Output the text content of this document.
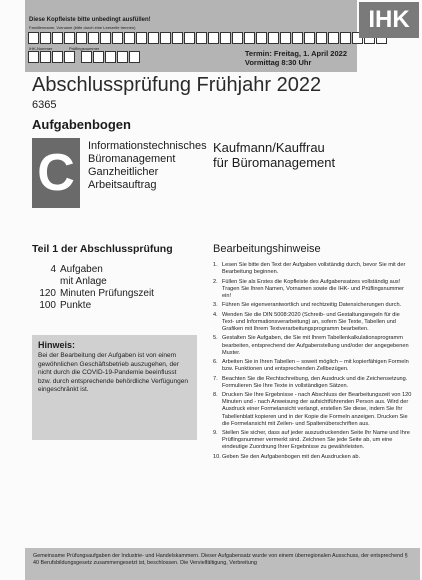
Diese Kopfleiste bitte unbedingt ausfüllen!
Familienname, Vorname (bitte durch eine Leerzeile trennen)
IHK-Nummer	Prüflingsnummer
Termin: Freitag, 1. April 2022
Vormittag 8:30 Uhr
IHK
Abschlussprüfung Frühjahr 2022
6365
Aufgabenbogen
C	Informationstechnisches
Büromanagement
Ganzheitlicher
Arbeitsauftrag
Kaufmann/Kauffrau
für Büromanagement
Teil 1 der Abschlussprüfung
4 Aufgaben
mit Anlage
120 Minuten Prüfungszeit
100 Punkte
Hinweis:
Bei der Bearbeitung der Aufgaben ist von einem gewöhnlichen Geschäftsbetrieb auszugehen, der nicht durch die COVID-19-Pandemie beeinflusst bzw. durch entsprechende behördliche Verfügungen eingeschränkt ist.
Bearbeitungshinweise
1. Lesen Sie bitte den Text der Aufgaben vollständig durch, bevor Sie mit der Bearbeitung beginnen.
2. Füllen Sie als Erstes die Kopfleiste des Aufgabensatzes vollständig aus! Tragen Sie Ihren Namen, Vornamen sowie die IHK- und Prüflingsnummer ein!
3. Führen Sie eigenverantwortlich und rechtzeitig Datensicherungen durch.
4. Wenden Sie die DIN 5008:2020 (Schreib- und Gestaltungsregeln für die Text- und Informationsverarbeitung) an, sofern Sie Texte, Tabellen und Grafiken mit Ihrem Textverarbeitungsprogramm bearbeiten.
5. Gestalten Sie Aufgaben, die Sie mit Ihrem Tabellenkalkulationsprogramm bearbeiten, entsprechend der Aufgabenstellung und/oder der angegebenen Muster.
6. Arbeiten Sie in Ihren Tabellen – soweit möglich – mit kopierfähigen Formeln bzw. Funktionen und entsprechenden Zellbezügen.
7. Beachten Sie die Rechtschreibung, den Ausdruck und die Zeichensetzung. Formulieren Sie Ihre Texte in vollständigen Sätzen.
8. Drucken Sie Ihre Ergebnisse - nach Abschluss der Bearbeitungszeit von 120 Minuten und - nach Anweisung der aufsichtführenden Person aus. Wird der Ausdruck einer Formelansicht verlangt, erstellen Sie diese, indem Sie Ihr Tabellenblatt kopieren und in der Kopie die Formeln anzeigen. Drucken Sie die Formelansicht mit Zeilen- und Spaltenüberschriften aus.
9. Stellen Sie sicher, dass auf jeder auszudruckenden Seite Ihr Name und Ihre Prüflingsnummer vermerkt sind. Zeichnen Sie jede Seite ab, um eine eindeutige Zuordnung Ihrer Ergebnisse zu gewährleisten.
10. Geben Sie den Aufgabenbogen mit den Ausdrucken ab.
Gemeinsame Prüfungsaufgaben der Industrie- und Handelskammern. Dieser Aufgabensatz wurde von einem überregionalen Ausschuss, der entsprechend § 40 Berufsbildungsgesetz zusammengesetzt ist, beschlossen. Die Vervielfältigung, Verbreitung
